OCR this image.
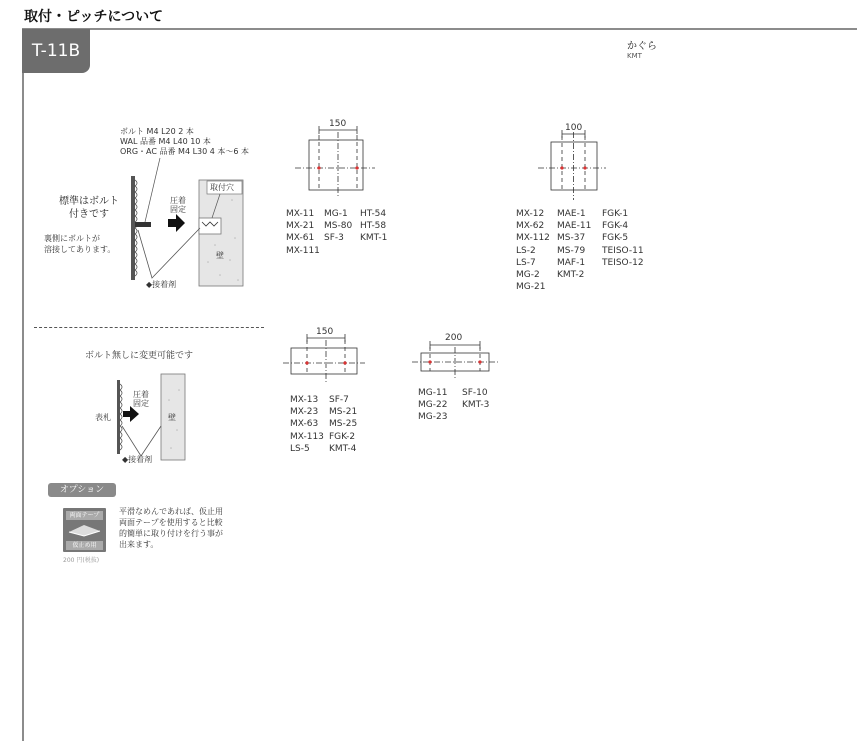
取付・ピッチについて
T-11B	かぐら
KMT
ボルト M4 L20 2 本
WAL 品番 M4 L40 10 本
ORG・AC 品番 M4 L30 4 本～6 本
標準はボルト
付きです
裏側にボルトが
溶接してあります。
取付穴
圧着
固定
壁
◆接着剤
ボルト無しに変更可能です
圧着
固定
表札	壁
◆接着剤
オプション
両面テープ
仮止め用
200 円(税抜)
平滑なめんであれば、仮止用
両面テープを使用すると比較
的簡単に取り付けを行う事が
出来ます。
150
MX-11
MX-21
MX-61
MX-111
MG-1
MS-80
SF-3
HT-54
HT-58
KMT-1
100
MX-12
MX-62
MX-112
LS-2
LS-7
MG-2
MG-21
MAE-1
MAE-11
MS-37
MS-79
MAF-1
KMT-2
FGK-1
FGK-4
FGK-5
TEISO-11
TEISO-12
150
MX-13
MX-23
MX-63
MX-113
LS-5
SF-7
MS-21
MS-25
FGK-2
KMT-4
200
MG-11
MG-22
MG-23
SF-10
KMT-3
